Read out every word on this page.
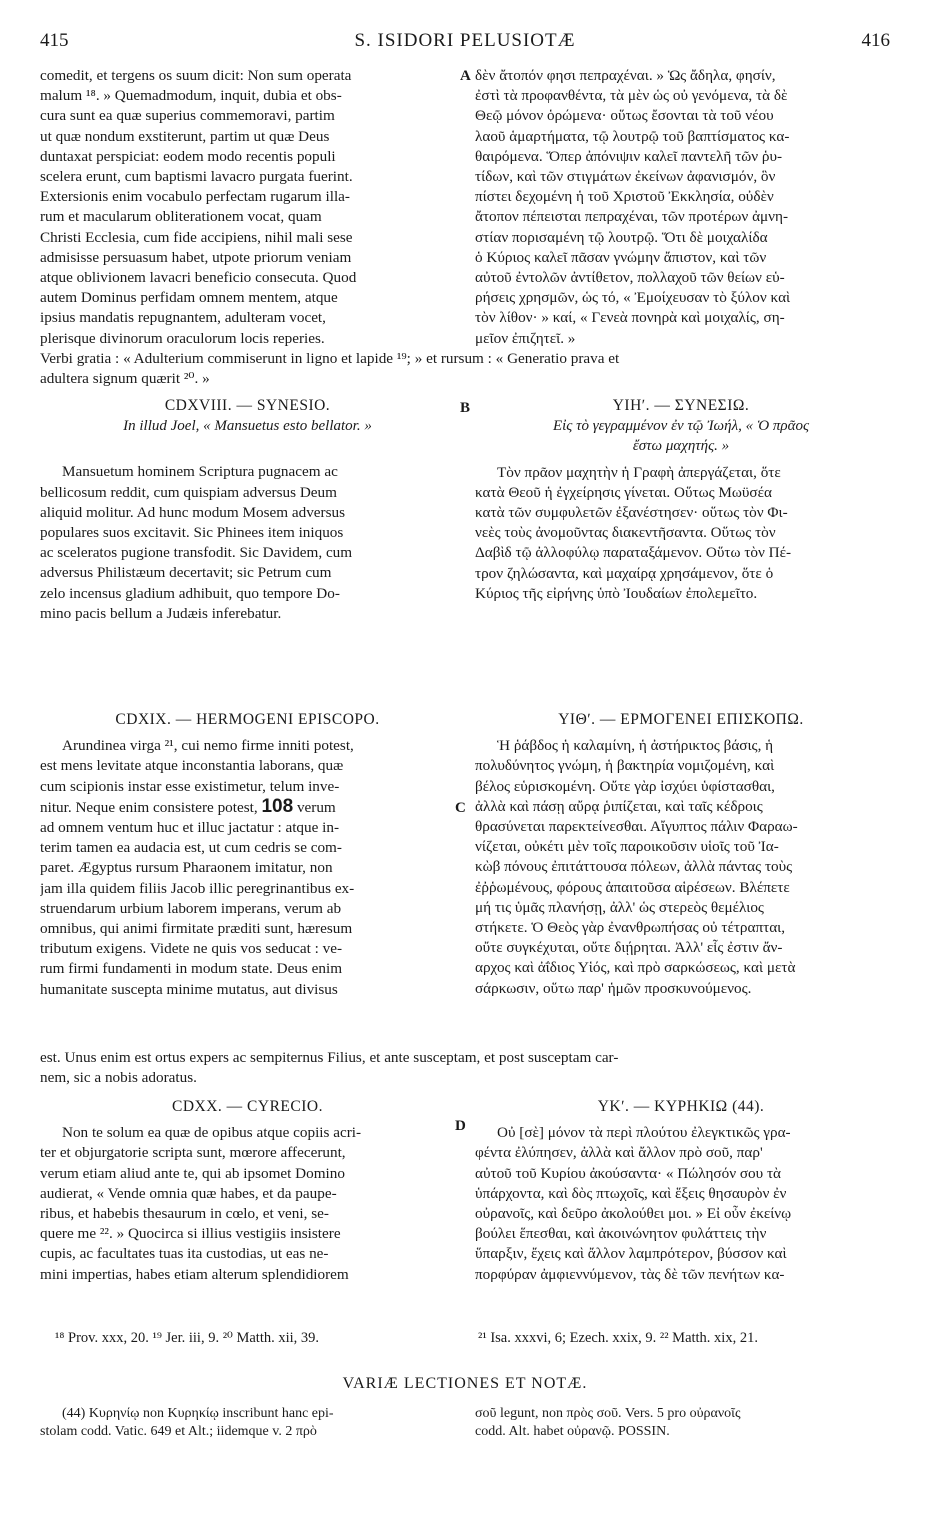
415	S. ISIDORI PELUSIOTÆ	416
comedit, et tergens os suum dicit: Non sum operata
malum ¹⁸. » Quemadmodum, inquit, dubia et obs-
cura sunt ea quæ superius commemoravi, partim
ut quæ nondum exstiterunt, partim ut quæ Deus
duntaxat perspiciat: eodem modo recentis populi
scelera erunt, cum baptismi lavacro purgata fuerint.
Extersionis enim vocabulo perfectam rugarum illa-
rum et macularum obliterationem vocat, quam
Christi Ecclesia, cum fide accipiens, nihil mali sese
admisisse persuasum habet, utpote priorum veniam
atque oblivionem lavacri beneficio consecuta. Quod
autem Dominus perfidam omnem mentem, atque
ipsius mandatis repugnantem, adulteram vocet,
plerisque divinorum oraculorum locis reperies.
A δὲν ἄτοπόν φησι πεπραχέναι. » Ὡς ἄδηλα, φησίν,
ἐστὶ τὰ προφανθέντα, τὰ μὲν ὡς οὐ γενόμενα, τὰ δὲ
Θεῷ μόνον ὁρώμενα· οὕτως ἔσονται τὰ τοῦ νέου
λαοῦ ἁμαρτήματα, τῷ λουτρῷ τοῦ βαπτίσματος κα-
θαιρόμενα. Ὅπερ ἀπόνιψιν καλεῖ παντελῆ τῶν ῥυ-
τίδων, καὶ τῶν στιγμάτων ἐκείνων ἀφανισμόν, ὃν
πίστει δεχομένη ἡ τοῦ Χριστοῦ Ἐκκλησία, οὐδὲν
ἄτοπον πέπεισται πεπραχέναι, τῶν προτέρων ἀμνη-
στίαν πορισαμένη τῷ λουτρῷ. Ὅτι δὲ μοιχαλίδα
ὁ Κύριος καλεῖ πᾶσαν γνώμην ἄπιστον, καὶ τῶν
αὐτοῦ ἐντολῶν ἀντίθετον, πολλαχοῦ τῶν θείων εὑ-
ρήσεις χρησμῶν, ὡς τό, « Ἐμοίχευσαν τὸ ξύλον καὶ
τὸν λίθον· » καί, « Γενεὰ πονηρὰ καὶ μοιχαλίς, ση-
μεῖον ἐπιζητεῖ. »
Verbi gratia : « Adulterium commiserunt in ligno et lapide ¹⁹; » et rursum : « Generatio prava et
adultera signum quærit ²⁰. »
CDXVIII. — SYNESIO.
In illud Joel, « Mansuetus esto bellator. »
Mansuetum hominem Scriptura pugnacem ac
bellicosum reddit, cum quispiam adversus Deum
aliquid molitur. Ad hunc modum Mosem adversus
populares suos excitavit. Sic Phinees item iniquos
ac sceleratos pugione transfodit. Sic Davidem, cum
adversus Philistæum decertavit; sic Petrum cum
zelo incensus gladium adhibuit, quo tempore Do-
mino pacis bellum a Judæis inferebatur.
B	ΥΙΗʹ. — ΣΥΝΕΣΙΩ.
Εἰς τὸ γεγραμμένον ἐν τῷ Ἰωήλ, « Ὁ πρᾶος
ἔστω μαχητής. »
Τὸν πρᾶον μαχητὴν ἡ Γραφὴ ἀπεργάζεται, ὅτε
κατὰ Θεοῦ ἡ ἐγχείρησις γίνεται. Οὕτως Μωϋσέα
κατὰ τῶν συμφυλετῶν ἐξανέστησεν· οὕτως τὸν Φι-
νεὲς τοὺς ἀνομοῦντας διακεντῆσαντα. Οὕτως τὸν
Δαβὶδ τῷ ἀλλοφύλῳ παραταξάμενον. Οὕτω τὸν Πέ-
τρον ζηλώσαντα, καὶ μαχαίρᾳ χρησάμενον, ὅτε ὁ
Κύριος τῆς εἰρήνης ὑπὸ Ἰουδαίων ἐπολεμεῖτο.
CDXIX. — HERMOGENI EPISCOPO.
Arundinea virga ²¹, cui nemo firme inniti potest,
est mens levitate atque inconstantia laborans, quæ
cum scipionis instar esse existimetur, telum inve-
nitur. Neque enim consistere potest, 108 verum
ad omnem ventum huc et illuc jactatur : atque in-
terim tamen ea audacia est, ut cum cedris se com-
paret. Ægyptus rursum Pharaonem imitatur, non
jam illa quidem filiis Jacob illic peregrinantibus ex-
struendarum urbium laborem imperans, verum ab
omnibus, qui animi firmitate præditi sunt, hæresum
tributum exigens. Videte ne quis vos seducat : ve-
rum firmi fundamenti in modum state. Deus enim
humanitate suscepta minime mutatus, aut divisus
C
ΥΙΘʹ. — ΕΡΜΟΓΕΝΕΙ ΕΠΙΣΚΟΠΩ.
Ἡ ῥάβδος ἡ καλαμίνη, ἡ ἀστήρικτος βάσις, ἡ
πολυδύνητος γνώμη, ἡ βακτηρία νομιζομένη, καὶ
βέλος εὑρισκομένη. Οὔτε γὰρ ἰσχύει ὑφίστασθαι,
ἀλλὰ καὶ πάσῃ αὔρᾳ ῥιπίζεται, καὶ ταῖς κέδροις
θρασύνεται παρεκτείνεσθαι. Αἴγυπτος πάλιν Φαραω-
νίζεται, οὐκέτι μὲν τοῖς παροικοῦσιν υἱοῖς τοῦ Ἰα-
κὼβ πόνους ἐπιτάττουσα πόλεων, ἀλλὰ πάντας τοὺς
ἐῤῥωμένους, φόρους ἀπαιτοῦσα αἱρέσεων. Βλέπετε
μή τις ὑμᾶς πλανήσῃ, ἀλλ' ὡς στερεὸς θεμέλιος
στήκετε. Ὁ Θεὸς γὰρ ἐνανθρωπήσας οὐ τέτραπται,
οὔτε συγκέχυται, οὔτε διῄρηται. Ἀλλ' εἷς ἐστιν ἄν-
αρχος καὶ ἀΐδιος Υἱός, καὶ πρὸ σαρκώσεως, καὶ μετὰ
σάρκωσιν, οὕτω παρ' ἡμῶν προσκυνούμενος.
est. Unus enim est ortus expers ac sempiternus Filius, et ante susceptam, et post susceptam car-
nem, sic a nobis adoratus.
CDXX. — CYRECIO.
Non te solum ea quæ de opibus atque copiis acri-
ter et objurgatorie scripta sunt, mœrore affecerunt,
verum etiam aliud ante te, qui ab ipsomet Domino
audierat, « Vende omnia quæ habes, et da paupe-
ribus, et habebis thesaurum in cœlo, et veni, se-
quere me ²². » Quocirca si illius vestigiis insistere
cupis, ac facultates tuas ita custodias, ut eas ne-
mini impertias, habes etiam alterum splendidiorem
D
ΥΚʹ. — ΚΥΡΗΚΙΩ (44).
Οὐ [σὲ] μόνον τὰ περὶ πλούτου ἐλεγκτικῶς γρα-
φέντα ἐλύπησεν, ἀλλὰ καὶ ἄλλον πρὸ σοῦ, παρ'
αὐτοῦ τοῦ Κυρίου ἀκούσαντα· « Πώλησόν σου τὰ
ὑπάρχοντα, καὶ δὸς πτωχοῖς, καὶ ἕξεις θησαυρὸν ἐν
οὐρανοῖς, καὶ δεῦρο ἀκολούθει μοι. » Εἰ οὖν ἐκείνῳ
βούλει ἕπεσθαι, καὶ ἀκοινώνητον φυλάττεις τὴν
ὕπαρξιν, ἔχεις καὶ ἄλλον λαμπρότερον, βύσσον καὶ
πορφύραν ἀμφιεννύμενον, τὰς δὲ τῶν πενήτων κα-
¹⁸ Prov. xxx, 20. ¹⁹ Jer. iii, 9. ²⁰ Matth. xii, 39.	²¹ Isa. xxxvi, 6; Ezech. xxix, 9. ²² Matth. xix, 21.
VARIÆ LECTIONES ET NOTÆ.
(44) Κυρηνίῳ non Κυρηκίῳ inscribunt hanc epi-
stolam codd. Vatic. 649 et Alt.; iidemque v. 2 πρὸ
σοῦ legunt, non πρὸς σοῦ. Vers. 5 pro οὐρανοῖς
codd. Alt. habet οὐρανῷ. POSSIN.
